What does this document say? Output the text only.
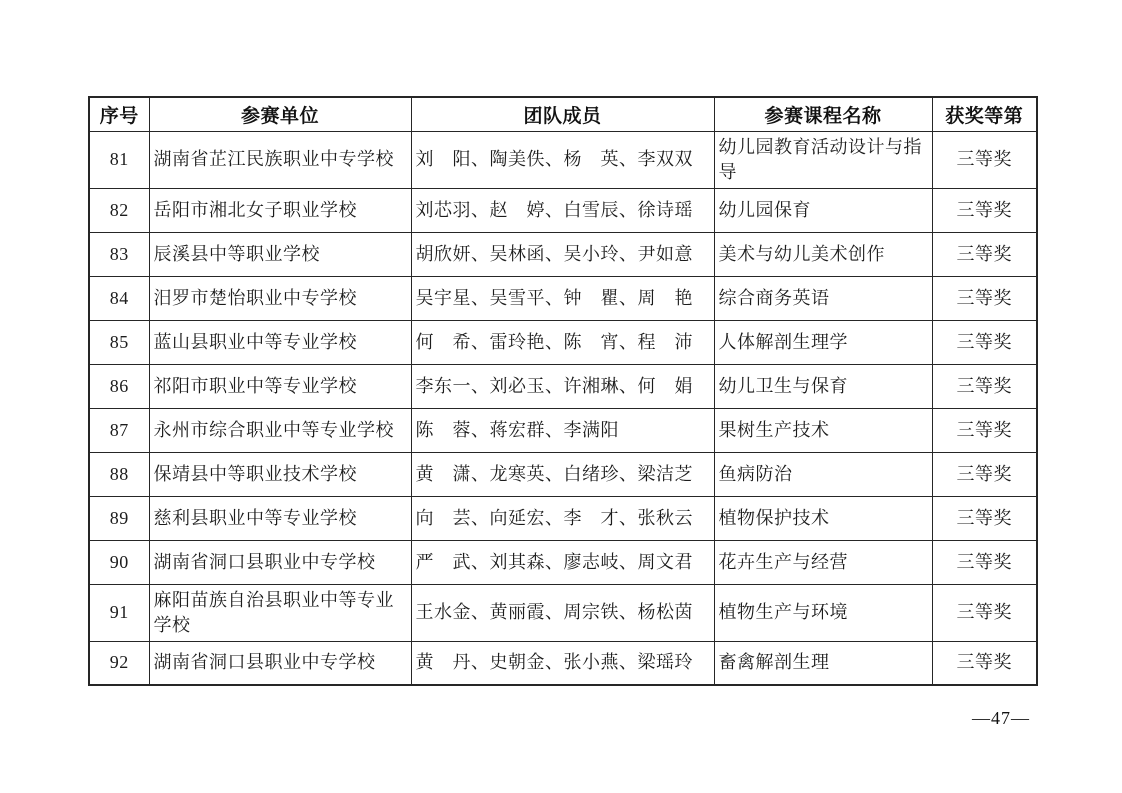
序号	参赛单位	团队成员	参赛课程名称	获奖等第
81	湖南省芷江民族职业中专学校	刘　阳、陶美佚、杨　英、李双双	幼儿园教育活动设计与指导	三等奖
82	岳阳市湘北女子职业学校	刘芯羽、赵　婷、白雪辰、徐诗瑶	幼儿园保育	三等奖
83	辰溪县中等职业学校	胡欣妍、吴林函、吴小玲、尹如意	美术与幼儿美术创作	三等奖
84	汨罗市楚怡职业中专学校	吴宇星、吴雪平、钟　瞿、周　艳	综合商务英语	三等奖
85	蓝山县职业中等专业学校	何　希、雷玲艳、陈　宵、程　沛	人体解剖生理学	三等奖
86	祁阳市职业中等专业学校	李东一、刘必玉、许湘琳、何　娟	幼儿卫生与保育	三等奖
87	永州市综合职业中等专业学校	陈　蓉、蒋宏群、李满阳	果树生产技术	三等奖
88	保靖县中等职业技术学校	黄　潇、龙寒英、白绪珍、梁洁芝	鱼病防治	三等奖
89	慈利县职业中等专业学校	向　芸、向延宏、李　才、张秋云	植物保护技术	三等奖
90	湖南省洞口县职业中专学校	严　武、刘其森、廖志岐、周文君	花卉生产与经营	三等奖
91	麻阳苗族自治县职业中等专业学校	王水金、黄丽霞、周宗铁、杨松茵	植物生产与环境	三等奖
92	湖南省洞口县职业中专学校	黄　丹、史朝金、张小燕、梁瑶玲	畜禽解剖生理	三等奖
—47—
